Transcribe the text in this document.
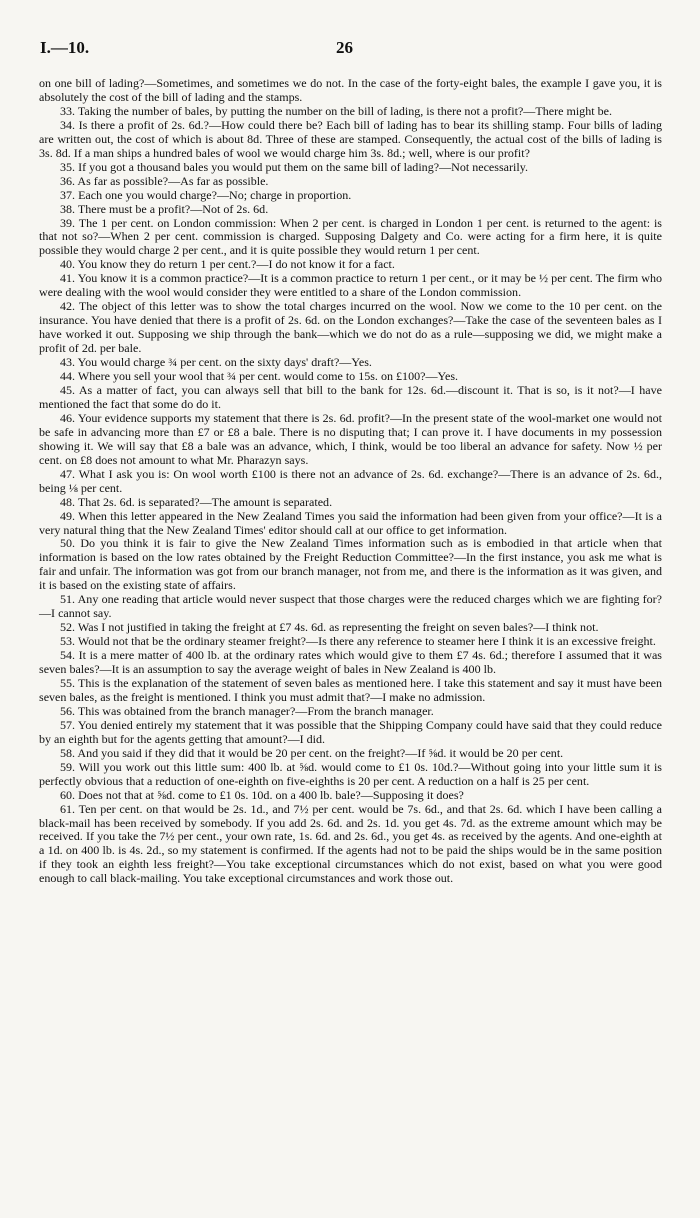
I.—10.	26

on one bill of lading?—Sometimes, and sometimes we do not. In the case of the forty-eight bales, the example I gave you, it is absolutely the cost of the bill of lading and the stamps.

33. Taking the number of bales, by putting the number on the bill of lading, is there not a profit?—There might be.

34. Is there a profit of 2s. 6d.?—How could there be? Each bill of lading has to bear its shilling stamp. Four bills of lading are written out, the cost of which is about 8d. Three of these are stamped. Consequently, the actual cost of the bills of lading is 3s. 8d. If a man ships a hundred bales of wool we would charge him 3s. 8d.; well, where is our profit?

35. If you got a thousand bales you would put them on the same bill of lading?—Not necessarily.

36. As far as possible?—As far as possible.

37. Each one you would charge?—No; charge in proportion.

38. There must be a profit?—Not of 2s. 6d.

39. The 1 per cent. on London commission: When 2 per cent. is charged in London 1 per cent. is returned to the agent: is that not so?—When 2 per cent. commission is charged. Supposing Dalgety and Co. were acting for a firm here, it is quite possible they would charge 2 per cent., and it is quite possible they would return 1 per cent.

40. You know they do return 1 per cent.?—I do not know it for a fact.

41. You know it is a common practice?—It is a common practice to return 1 per cent., or it may be ½ per cent. The firm who were dealing with the wool would consider they were entitled to a share of the London commission.

42. The object of this letter was to show the total charges incurred on the wool. Now we come to the 10 per cent. on the insurance. You have denied that there is a profit of 2s. 6d. on the London exchanges?—Take the case of the seventeen bales as I have worked it out. Supposing we ship through the bank—which we do not do as a rule—supposing we did, we might make a profit of 2d. per bale.

43. You would charge ¾ per cent. on the sixty days' draft?—Yes.

44. Where you sell your wool that ¾ per cent. would come to 15s. on £100?—Yes.

45. As a matter of fact, you can always sell that bill to the bank for 12s. 6d.—discount it. That is so, is it not?—I have mentioned the fact that some do do it.

46. Your evidence supports my statement that there is 2s. 6d. profit?—In the present state of the wool-market one would not be safe in advancing more than £7 or £8 a bale. There is no disputing that; I can prove it. I have documents in my possession showing it. We will say that £8 a bale was an advance, which, I think, would be too liberal an advance for safety. Now ½ per cent. on £8 does not amount to what Mr. Pharazyn says.

47. What I ask you is: On wool worth £100 is there not an advance of 2s. 6d. exchange?—There is an advance of 2s. 6d., being ⅛ per cent.

48. That 2s. 6d. is separated?—The amount is separated.

49. When this letter appeared in the New Zealand Times you said the information had been given from your office?—It is a very natural thing that the New Zealand Times' editor should call at our office to get information.

50. Do you think it is fair to give the New Zealand Times information such as is embodied in that article when that information is based on the low rates obtained by the Freight Reduction Committee?—In the first instance, you ask me what is fair and unfair. The information was got from our branch manager, not from me, and there is the information as it was given, and it is based on the existing state of affairs.

51. Any one reading that article would never suspect that those charges were the reduced charges which we are fighting for?—I cannot say.

52. Was I not justified in taking the freight at £7 4s. 6d. as representing the freight on seven bales?—I think not.

53. Would not that be the ordinary steamer freight?—Is there any reference to steamer here I think it is an excessive freight.

54. It is a mere matter of 400 lb. at the ordinary rates which would give to them £7 4s. 6d.; therefore I assumed that it was seven bales?—It is an assumption to say the average weight of bales in New Zealand is 400 lb.

55. This is the explanation of the statement of seven bales as mentioned here. I take this statement and say it must have been seven bales, as the freight is mentioned. I think you must admit that?—I make no admission.

56. This was obtained from the branch manager?—From the branch manager.

57. You denied entirely my statement that it was possible that the Shipping Company could have said that they could reduce by an eighth but for the agents getting that amount?—I did.

58. And you said if they did that it would be 20 per cent. on the freight?—If ⅝d. it would be 20 per cent.

59. Will you work out this little sum: 400 lb. at ⅝d. would come to £1 0s. 10d.?—Without going into your little sum it is perfectly obvious that a reduction of one-eighth on five-eighths is 20 per cent. A reduction on a half is 25 per cent.

60. Does not that at ⅝d. come to £1 0s. 10d. on a 400 lb. bale?—Supposing it does?

61. Ten per cent. on that would be 2s. 1d., and 7½ per cent. would be 7s. 6d., and that 2s. 6d. which I have been calling a black-mail has been received by somebody. If you add 2s. 6d. and 2s. 1d. you get 4s. 7d. as the extreme amount which may be received. If you take the 7½ per cent., your own rate, 1s. 6d. and 2s. 6d., you get 4s. as received by the agents. And one-eighth at a 1d. on 400 lb. is 4s. 2d., so my statement is confirmed. If the agents had not to be paid the ships would be in the same position if they took an eighth less freight?—You take exceptional circumstances which do not exist, based on what you were good enough to call black-mailing. You take exceptional circumstances and work those out.
